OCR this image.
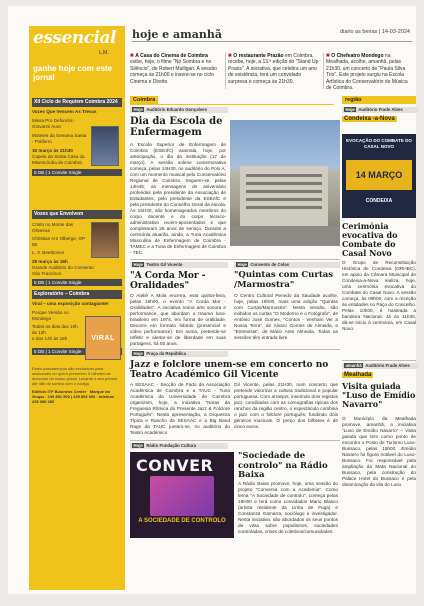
essencial
L.M.
ganhe hoje com este jornal
XII Ciclo de Requiem Coimbra 2024
Vozes Que Vencem As Trevas
Missa Pro Defunctis - Giovanni Aura
Motetes da Semana Santa - Poliferro
16 março às 21h30
Capela da Santa Casa da Misericórdia de Coimbra
5 DB | 1 Convite Single
Vozes que Envolvem
Cristo no Monte das Oliveiras
Christian Arn Olberge, OP 85
L. V. Beethoven
29 março às 16h
Grande Auditório do Convento São Francisco
5 DB | 1 Convite Single
Exploratório – Coimbra
Viral – uma exposição contagiante!
Porque Versão no Mondego
Todos os dias das 10h às 13h
e das 14h às 18h
5 DB | 1 Convite Single
VIRAL
Estes passatempos são exclusivos para assinantes ou quem preencher 5 bilhetes de desconto do nosso jornal. Levante o seu prémio até 48h do sorteio com o código.
Edifício ITF Business Center · Marque do Grupo · 239 851 900 | 239 853 600 · telefone 239 080 280
hoje e amanhã	diario as beiras | 14-03-2024
■ A Casa do Cinema de Coimbra exibe, hoje, o filme "No Sombra e no Silêncio", de Robert Mulligan. A sessão começa às 21h00 e insere-se no ciclo Cinema e Direito.
■ O restaurante Prazão em Coimbra, recebe, hoje, a 13.ª edição do "Stand Up Praxis". A iniciativa, que celebra um ano de existência, terá um convidado surpresa e começa às 21h30.
■ O Chefeatro Mondego na Mealhada, acolhe, amanhã, pelas 21h30, um concerto de "Paula Silva Trio". Este projeto surgiu na Escola Artística do Conservatório de Música de Coimbra.
Coimbra
Hoje Auditório Eduardo Gonçalves
Dia da Escola de Enfermagem
A Escola Superior de Enfermagem de Coimbra (ESEnfC) assinala, hoje, por antecipação, o dia da instituição (17 de março). A sessão solene comemorativa começa, pelas 14H30, no auditório do Polo A, com um momento musical pelo Conservatório Regional de Coimbra. Seguem-se, pelas 14H45, as mensagens de aniversário proferidas pela presidente da Associação de Estudantes, pelo presidente da ESEnfC e pela presidente do Conselho Geral da escola. Às 15H30, são homenageados membros do corpo docente e do corpo técnico-administrativo recém-aposentados e que completaram 25 anos de serviço. Durante a cerimónia atuarão, ainda, a Tuna Académica Masculina de Enfermagem de Coimbra -TAMEC e a Tuna de Enfermagem de Coimbra - TEC.
Hoje Teatro Gil Vicente
"A Corda Mor - Oralidades"
O Ateliê A Mola encerra, esta quinta-feira, pelas 19h00, o evento "A Corda Mor - Oralidades". A iniciativa reúne arte sonora e performance, que abordam o trauma luso-brasileiro em 1974, em forma de oralidade. Decorre em formato hibrido (presencial e vídeo performance). Em suma, pretende-se refletir e alertar-se de liberdade em suas portagens, há 50 anos.
Hoje Convento de Celas
"Quintas com Curtas /Marmostra"
O Centro Cultural Penedo da Saudade acolhe, hoje, pelas 18h00, mais uma edição "Quintas com Curtas/Marmostra". Nesta sessão, são exibidos os curtas "O Moderno e o Fotógrafo", de António José Gomes, "Contos - Venham Ver a Nossa Terra", de Álvaro Gomes de Almeida, e "Entrevista", de Mário Ares Almeida. Todas as sessões têm entrada livre.
Hoje Praça da República
Jazz e folclore unem-se em concerto no Teatro Académico Gil Vicente
A SESAAC - Secção de Fado da Associação Académica de Coimbra e a TAUC - Tuna Académica da Universidade de Coimbra organizam, hoje, a iniciativa "Notas da Freguesia Rítmica do Presente Jazz & Folclore Português". Nesta apresentação, a Orquestra Típica e Rancho da SESAAC e a Big Band Rags da TAUC juntam-se, no auditório do Teatro Académico
Gil Vicente, pelas 21H30, num concerto que pretende valorizar a cultura tradicional e popular portuguesa. Com arranjos, inserindo dois registos jazz, conciliados com as coreografias típicas dos ranchos da região centro, o espectáculo combina o jazz com o folclore português, fundindo dois géneros musicais. O preço dos bilhetes é de cinco euros.
Hoje Rádio Fundação Cultura
CONVER
A SOCIEDADE DE CONTROLO
"Sociedade de controlo" na Rádio Baixa
A Rádio Baixa promove, hoje, uma sessão do projeto "Conversa com a Academia". Como tema "A Sociedade de controlo", começa pelas 18H00 e terá como convidados Mario Blasco (artista residente da Linha de Fuga) e Constanza Gamarra, sociólogo e investigador. Nesta iniciativa, são abordados os seus pontos de vista sobre populismos, sociedades controladas, crises de coletivos/comunidades.
região
Hoje Auditório Frade Alves
Condeixa -a-Nova
EVOCAÇÃO DO COMBATE DO CASAL NOVO
14 MARÇO
CONDEIXA
Cerimónia evocativa do Combate do Casal Novo
O Grupo de Reconstituição Histórica de Condeixa (GRHBC), em apoio da Câmara Municipal de Condeixa-a-Nova realiza, hoje, uma cerimónia evocativa do Combate do Casal Novo. A sessão começa, às 09h00, com a receção às entidades no Paço do Concelho. Pelas 10h00, é hasteada a bandeira Nacional. Já às 11h30, dá-se início à cerimónia, em Casal Novo.
amanhã Auditório Frade Alves
Mealhada
Visita guiada "Luso de Emídio Navarro"
O Município da Mealhada promove, amanhã, a iniciativa "Luso de Emídio Navarro" – visita guiada que tem como ponto de encontro o Posto de Turismo Luso-Bussaco, pelas 15h00. Emídio Navarro foi figura notável do Luso-Bussaco. Foi responsável pela ampliação da Mata Nacional do Bussaco, pela construção do Palace Hotel do Bussaco e pela dinamização da vila do Luso.
